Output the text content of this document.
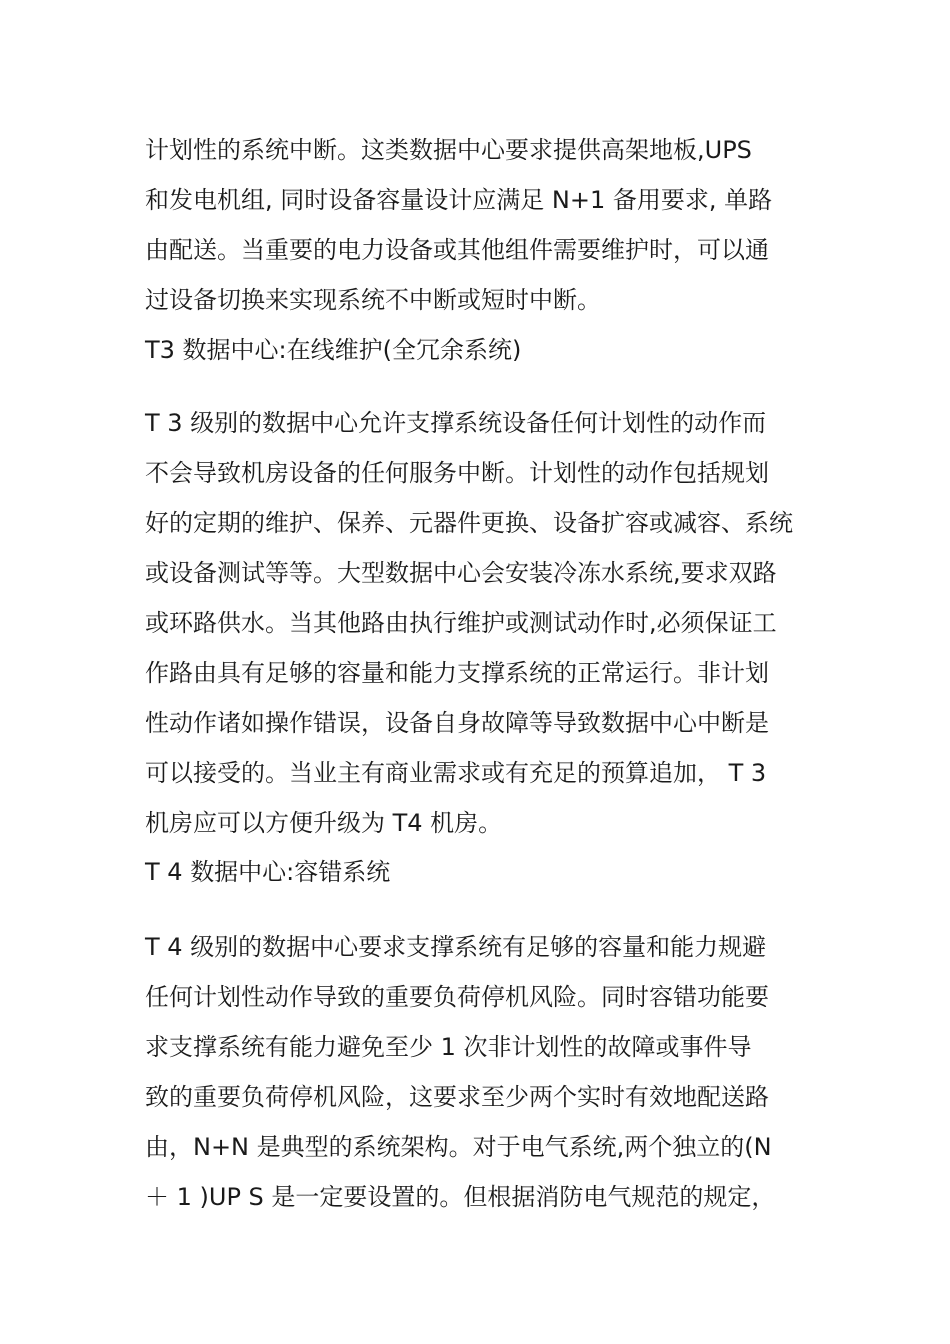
计划性的系统中断。这类数据中心要求提供高架地板,UPS
和发电机组, 同时设备容量设计应满足 N+1 备用要求, 单路
由配送。当重要的电力设备或其他组件需要维护时，可以通
过设备切换来实现系统不中断或短时中断。
T3 数据中心:在线维护(全冗余系统)
T 3 级别的数据中心允许支撑系统设备任何计划性的动作而
不会导致机房设备的任何服务中断。计划性的动作包括规划
好的定期的维护、保养、元器件更换、设备扩容或减容、系统
或设备测试等等。大型数据中心会安装冷冻水系统,要求双路
或环路供水。当其他路由执行维护或测试动作时,必须保证工
作路由具有足够的容量和能力支撑系统的正常运行。非计划
性动作诸如操作错误，设备自身故障等导致数据中心中断是
可以接受的。当业主有商业需求或有充足的预算追加， T 3
机房应可以方便升级为 T4 机房。
T 4 数据中心:容错系统
T 4 级别的数据中心要求支撑系统有足够的容量和能力规避
任何计划性动作导致的重要负荷停机风险。同时容错功能要
求支撑系统有能力避免至少 1 次非计划性的故障或事件导
致的重要负荷停机风险，这要求至少两个实时有效地配送路
由，N+N 是典型的系统架构。对于电气系统,两个独立的(N
＋ 1 )UP S 是一定要设置的。但根据消防电气规范的规定，
